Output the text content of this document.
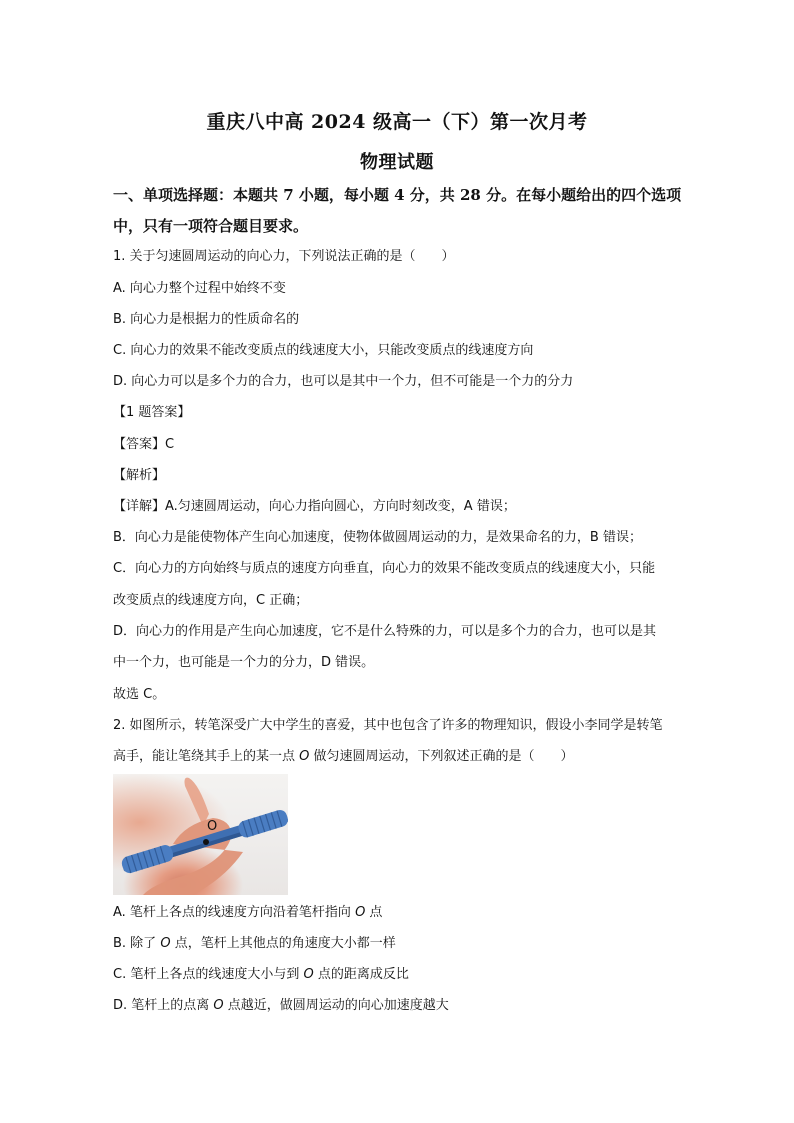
重庆八中高 2024 级高一（下）第一次月考
物理试题
一、单项选择题：本题共 7 小题，每小题 4 分，共 28 分。在每小题给出的四个选项
中，只有一项符合题目要求。
1. 关于匀速圆周运动的向心力，下列说法正确的是（　　）
A. 向心力整个过程中始终不变
B. 向心力是根据力的性质命名的
C. 向心力的效果不能改变质点的线速度大小，只能改变质点的线速度方向
D. 向心力可以是多个力的合力，也可以是其中一个力，但不可能是一个力的分力
【1 题答案】
【答案】C
【解析】
【详解】A.匀速圆周运动，向心力指向圆心，方向时刻改变，A 错误；
B．向心力是能使物体产生向心加速度，使物体做圆周运动的力，是效果命名的力，B 错误；
C．向心力的方向始终与质点的速度方向垂直，向心力的效果不能改变质点的线速度大小，只能
改变质点的线速度方向，C 正确；
D．向心力的作用是产生向心加速度，它不是什么特殊的力，可以是多个力的合力，也可以是其
中一个力，也可能是一个力的分力，D 错误。
故选 C。
2. 如图所示，转笔深受广大中学生的喜爱，其中也包含了许多的物理知识，假设小李同学是转笔
高手，能让笔绕其手上的某一点 O 做匀速圆周运动，下列叙述正确的是（　　）
O
A. 笔杆上各点的线速度方向沿着笔杆指向 O 点
B. 除了 O 点，笔杆上其他点的角速度大小都一样
C. 笔杆上各点的线速度大小与到 O 点的距离成反比
D. 笔杆上的点离 O 点越近，做圆周运动的向心加速度越大
